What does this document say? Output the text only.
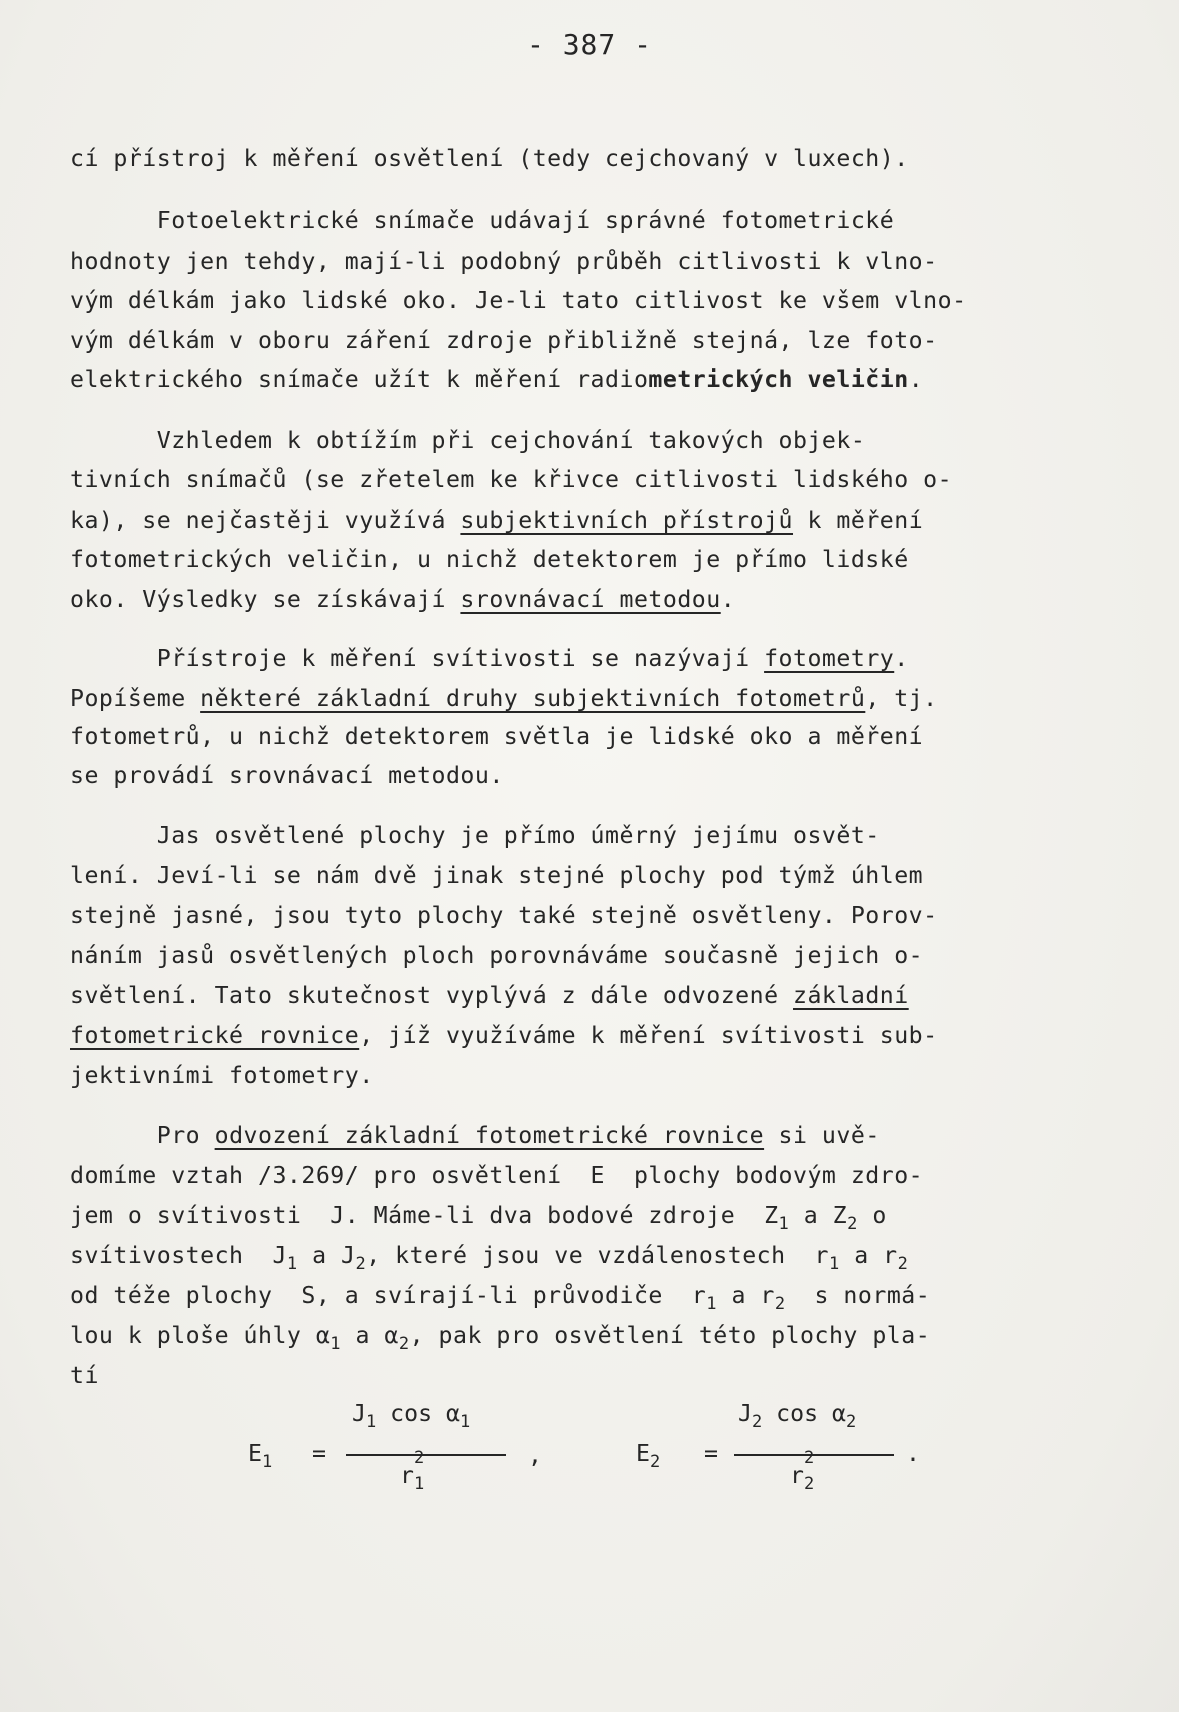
- 387 -
cí přístroj k měření osvětlení (tedy cejchovaný v luxech).
Fotoelektrické snímače udávají správné fotometrické
hodnoty jen tehdy, mají-li podobný průběh citlivosti k vlno-
vým délkám jako lidské oko. Je-li tato citlivost ke všem vlno-
vým délkám v oboru záření zdroje přibližně stejná, lze foto-
elektrického snímače užít k měření radiometrických veličin.
Vzhledem k obtížím při cejchování takových objek-
tivních snímačů (se zřetelem ke křivce citlivosti lidského o-
ka), se nejčastěji využívá subjektivních přístrojů k měření
fotometrických veličin, u nichž detektorem je přímo lidské
oko. Výsledky se získávají srovnávací metodou.
Přístroje k měření svítivosti se nazývají fotometry.
Popíšeme některé základní druhy subjektivních fotometrů, tj.
fotometrů, u nichž detektorem světla je lidské oko a měření
se provádí srovnávací metodou.
Jas osvětlené plochy je přímo úměrný jejímu osvět-
lení. Jeví-li se nám dvě jinak stejné plochy pod týmž úhlem
stejně jasné, jsou tyto plochy také stejně osvětleny. Porov-
náním jasů osvětlených ploch porovnáváme současně jejich o-
světlení. Tato skutečnost vyplývá z dále odvozené základní
fotometrické rovnice, jíž využíváme k měření svítivosti sub-
jektivními fotometry.
Pro odvození základní fotometrické rovnice si uvě-
domíme vztah /3.269/ pro osvětlení  E  plochy bodovým zdro-
jem o svítivosti  J. Máme-li dva bodové zdroje  $Z_1$ a $Z_2$ o
svítivostech  $J_1$ a $J_2$, které jsou ve vzdálenostech  $r_1$ a $r_2$
od téže plochy  S, a svírají-li průvodiče  $r_1$ a $r_2$  s normá-
lou k ploše úhly $\alpha_1$ a $\alpha_2$, pak pro osvětlení této plochy pla-
tí
$E_1$ =
$J_1$ $\cos \alpha_1$
r
2
$_1$
,	$E_2$ =
$J_2$ $\cos \alpha_2$
r
2
$_2$
.
